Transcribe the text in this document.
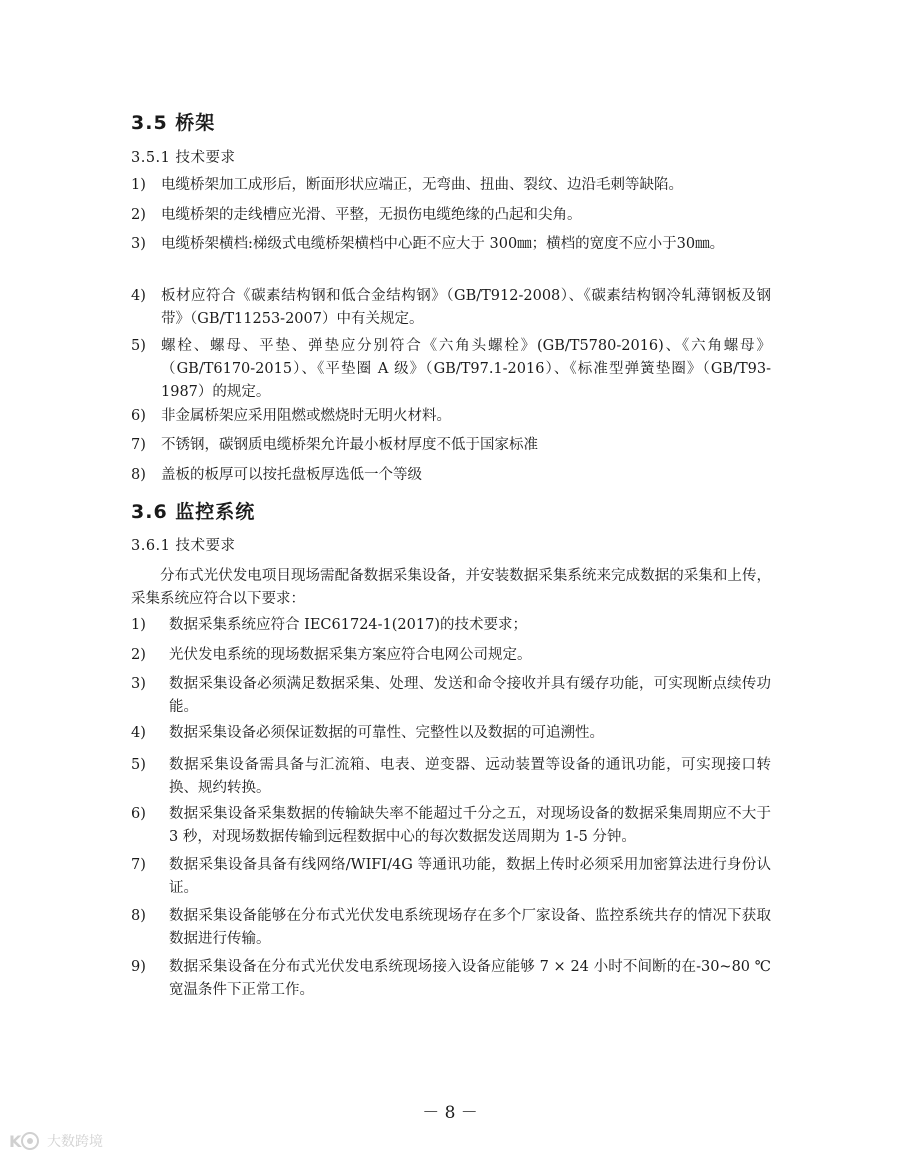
3.5 桥架
3.5.1 技术要求
1) 电缆桥架加工成形后，断面形状应端正，无弯曲、扭曲、裂纹、边沿毛刺等缺陷。
2) 电缆桥架的走线槽应光滑、平整，无损伤电缆绝缘的凸起和尖角。
3) 电缆桥架横档:梯级式电缆桥架横档中心距不应大于 300㎜；横档的宽度不应小于30㎜。
4) 板材应符合《碳素结构钢和低合金结构钢》（GB/T912-2008）、《碳素结构钢冷轧薄钢板及钢带》（GB/T11253-2007）中有关规定。
5) 螺栓、螺母、平垫、弹垫应分别符合《六角头螺栓》(GB/T5780-2016)、《六角螺母》（GB/T6170-2015）、《平垫圈 A 级》（GB/T97.1-2016）、《标准型弹簧垫圈》（GB/T93-1987）的规定。
6) 非金属桥架应采用阻燃或燃烧时无明火材料。
7) 不锈钢，碳钢质电缆桥架允许最小板材厚度不低于国家标准
8) 盖板的板厚可以按托盘板厚选低一个等级
3.6 监控系统
3.6.1 技术要求
分布式光伏发电项目现场需配备数据采集设备，并安装数据采集系统来完成数据的采集和上传，采集系统应符合以下要求：
1) 数据采集系统应符合 IEC61724-1(2017)的技术要求；
2) 光伏发电系统的现场数据采集方案应符合电网公司规定。
3) 数据采集设备必须满足数据采集、处理、发送和命令接收并具有缓存功能，可实现断点续传功能。
4) 数据采集设备必须保证数据的可靠性、完整性以及数据的可追溯性。
5) 数据采集设备需具备与汇流箱、电表、逆变器、远动装置等设备的通讯功能，可实现接口转换、规约转换。
6) 数据采集设备采集数据的传输缺失率不能超过千分之五，对现场设备的数据采集周期应不大于 3 秒，对现场数据传输到远程数据中心的每次数据发送周期为 1-5 分钟。
7) 数据采集设备具备有线网络/WIFI/4G 等通讯功能，数据上传时必须采用加密算法进行身份认证。
8) 数据采集设备能够在分布式光伏发电系统现场存在多个厂家设备、监控系统共存的情况下获取数据进行传输。
9) 数据采集设备在分布式光伏发电系统现场接入设备应能够 7 × 24 小时不间断的在-30~80 ℃宽温条件下正常工作。
－ 8 －
K 大数跨境
